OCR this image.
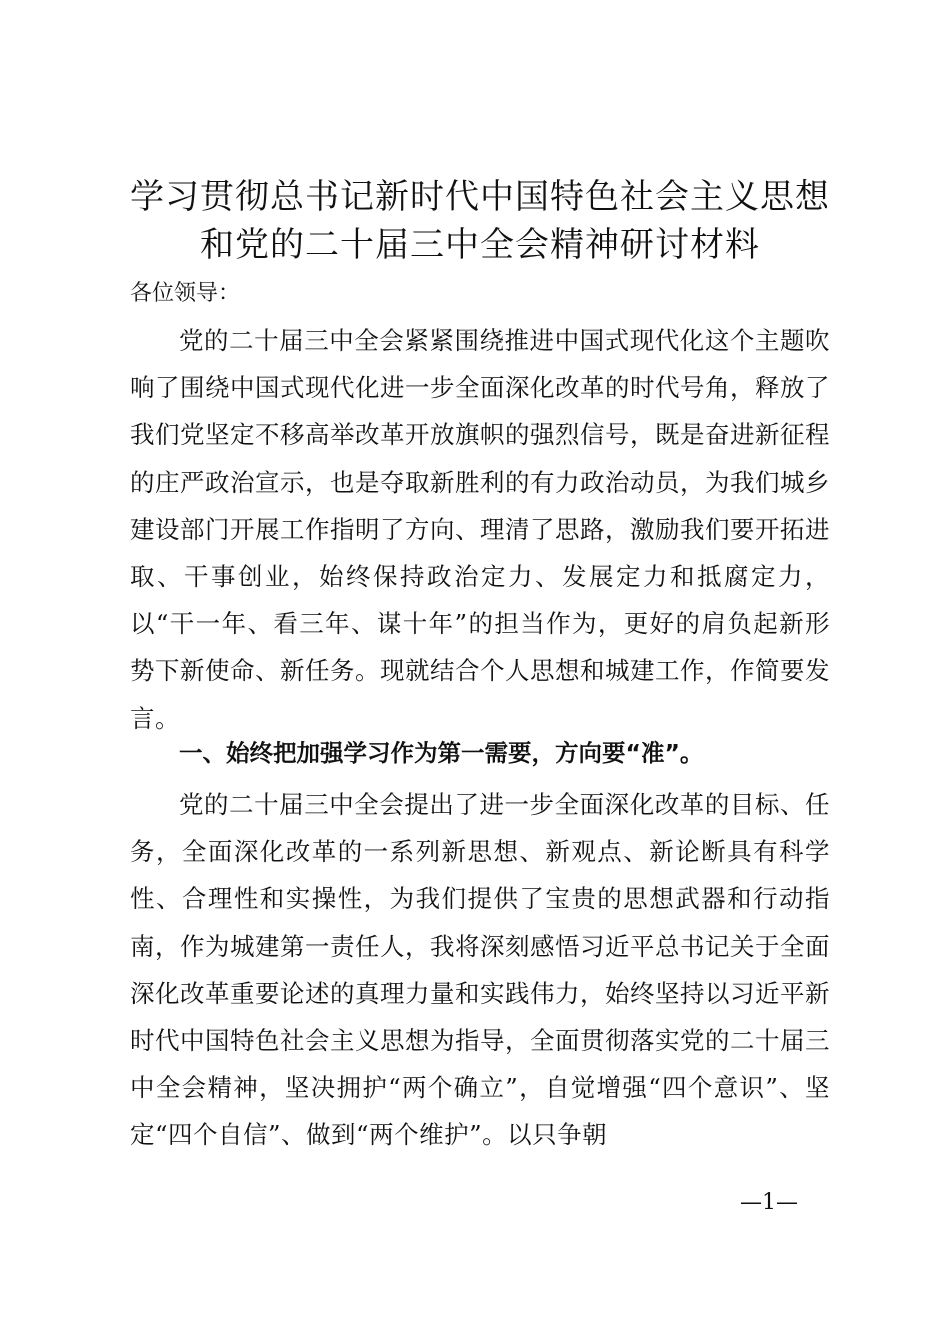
学习贯彻总书记新时代中国特色社会主义思想
和党的二十届三中全会精神研讨材料
各位领导：
党的二十届三中全会紧紧围绕推进中国式现代化这个主题吹响了围绕中国式现代化进一步全面深化改革的时代号角，释放了我们党坚定不移高举改革开放旗帜的强烈信号，既是奋进新征程的庄严政治宣示，也是夺取新胜利的有力政治动员，为我们城乡建设部门开展工作指明了方向、理清了思路，激励我们要开拓进取、干事创业，始终保持政治定力、发展定力和抵腐定力，以“干一年、看三年、谋十年”的担当作为，更好的肩负起新形势下新使命、新任务。现就结合个人思想和城建工作，作简要发言。
一、始终把加强学习作为第一需要，方向要“准”。
党的二十届三中全会提出了进一步全面深化改革的目标、任务，全面深化改革的一系列新思想、新观点、新论断具有科学性、合理性和实操性，为我们提供了宝贵的思想武器和行动指南，作为城建第一责任人，我将深刻感悟习近平总书记关于全面深化改革重要论述的真理力量和实践伟力，始终坚持以习近平新时代中国特色社会主义思想为指导，全面贯彻落实党的二十届三中全会精神，坚决拥护“两个确立”，自觉增强“四个意识”、坚定“四个自信”、做到“两个维护”。以只争朝
—1—
